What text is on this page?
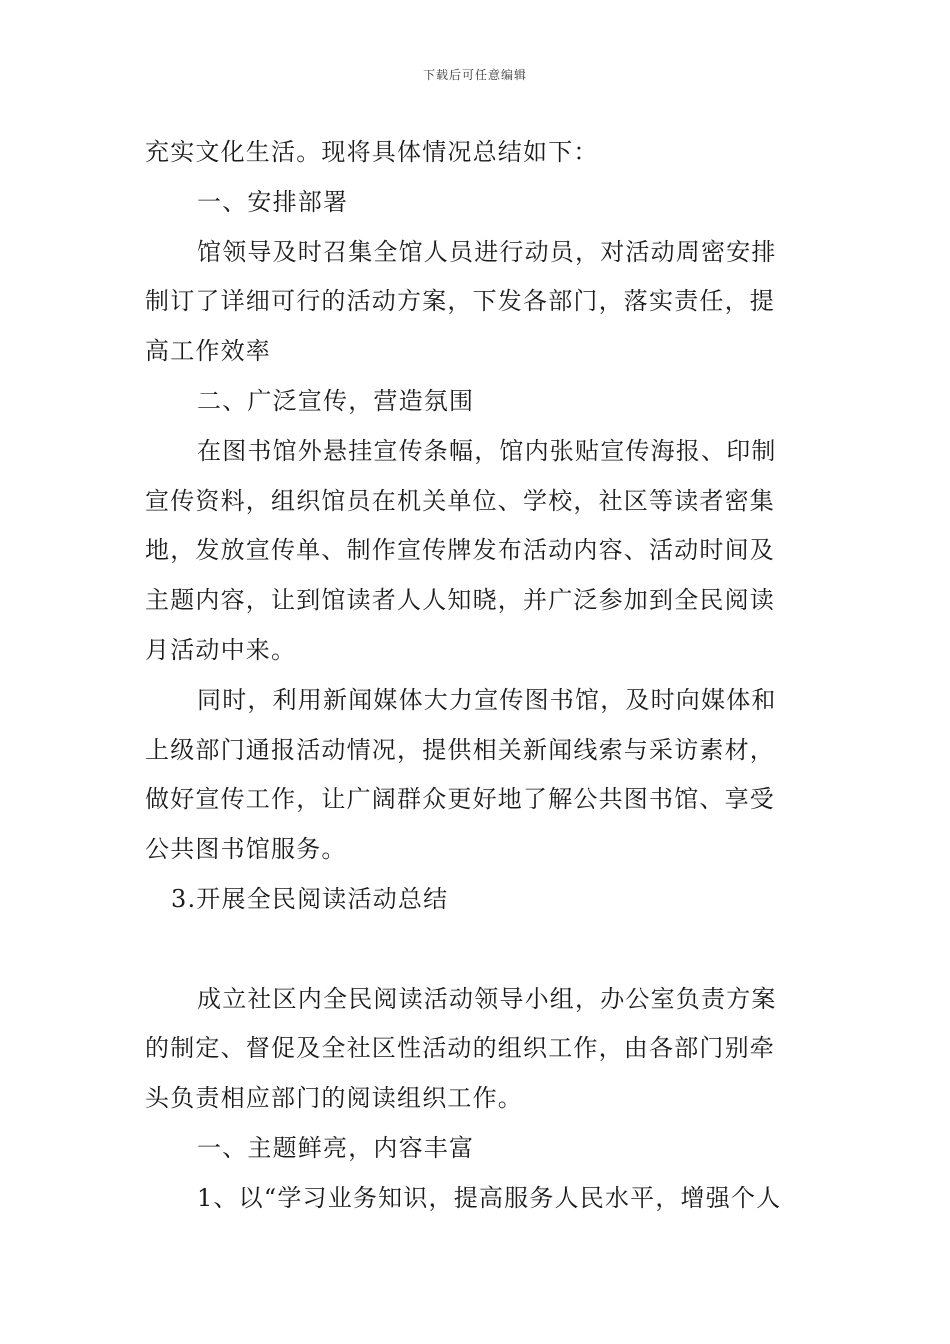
下载后可任意编辑
充实文化生活。现将具体情况总结如下：
一、安排部署
馆领导及时召集全馆人员进行动员，对活动周密安排
制订了详细可行的活动方案，下发各部门，落实责任，提
高工作效率
二、广泛宣传，营造氛围
在图书馆外悬挂宣传条幅，馆内张贴宣传海报、印制
宣传资料，组织馆员在机关单位、学校，社区等读者密集
地，发放宣传单、制作宣传牌发布活动内容、活动时间及
主题内容，让到馆读者人人知晓，并广泛参加到全民阅读
月活动中来。
同时，利用新闻媒体大力宣传图书馆，及时向媒体和
上级部门通报活动情况，提供相关新闻线索与采访素材，
做好宣传工作，让广阔群众更好地了解公共图书馆、享受
公共图书馆服务。
3.开展全民阅读活动总结
成立社区内全民阅读活动领导小组，办公室负责方案
的制定、督促及全社区性活动的组织工作，由各部门别牵
头负责相应部门的阅读组织工作。
一、主题鲜亮，内容丰富
1、以“学习业务知识，提高服务人民水平，增强个人
